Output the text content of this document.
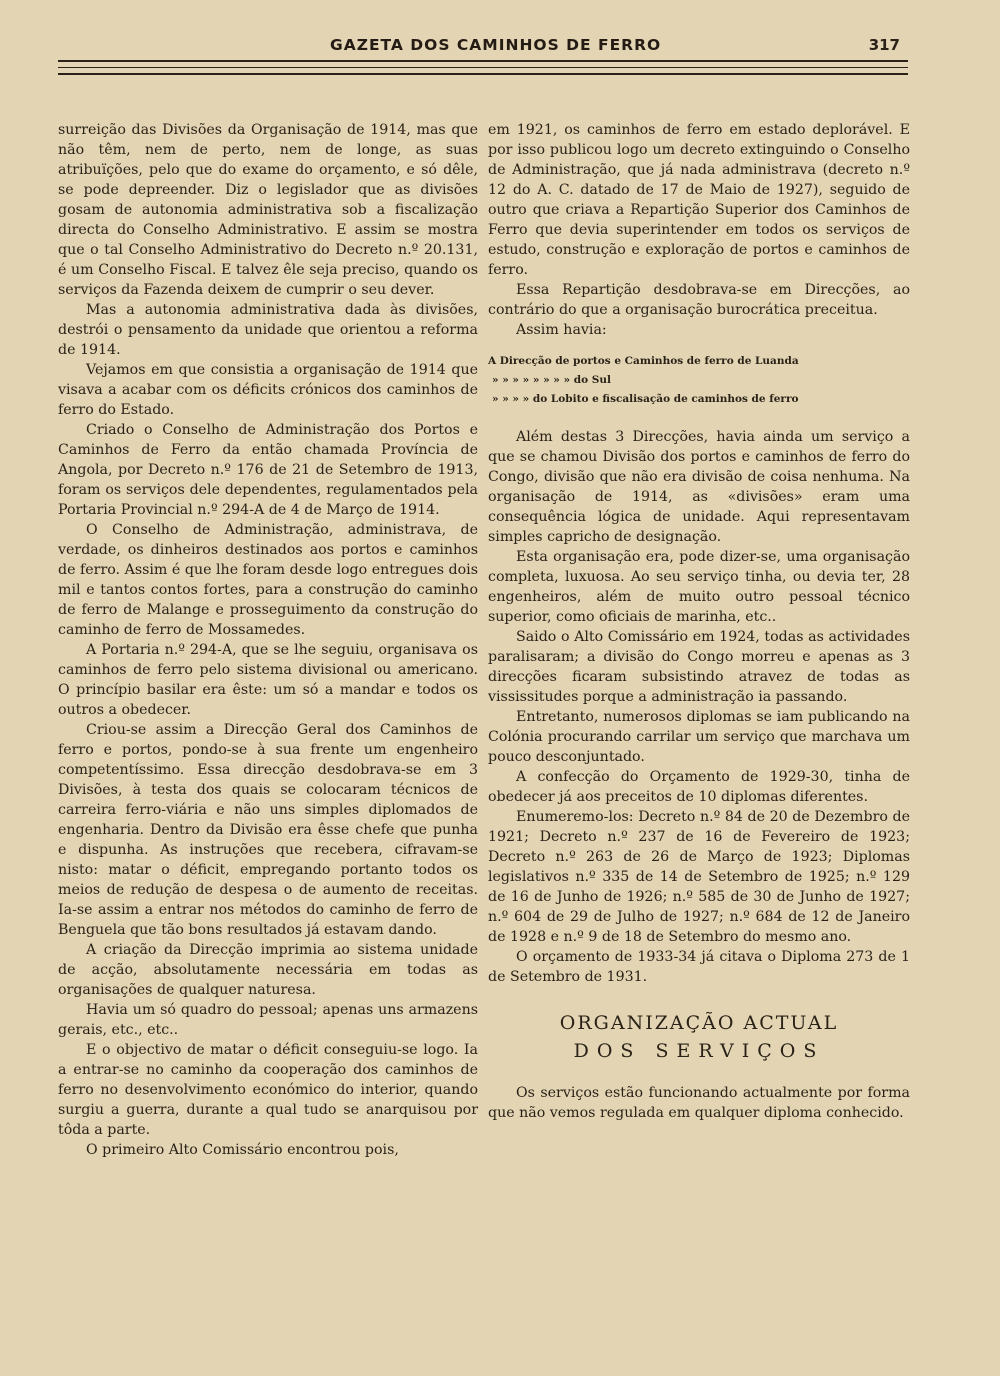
GAZETA DOS CAMINHOS DE FERRO	317

surreição das Divisões da Organisação de 1914, mas que não têm, nem de perto, nem de longe, as suas atribuïções, pelo que do exame do orçamento, e só dêle, se pode depreender. Diz o legislador que as divisões gosam de autonomia administrativa sob a fiscalização directa do Conselho Administrativo. E assim se mostra que o tal Conselho Administrativo do Decreto n.º 20.131, é um Conselho Fiscal. E talvez êle seja preciso, quando os serviços da Fazenda deixem de cumprir o seu dever.

Mas a autonomia administrativa dada às divisões, destrói o pensamento da unidade que orientou a reforma de 1914.

Vejamos em que consistia a organisação de 1914 que visava a acabar com os déficits crónicos dos caminhos de ferro do Estado.

Criado o Conselho de Administração dos Portos e Caminhos de Ferro da então chamada Província de Angola, por Decreto n.º 176 de 21 de Setembro de 1913, foram os serviços dele dependentes, regulamentados pela Portaria Provincial n.º 294-A de 4 de Março de 1914.

O Conselho de Administração, administrava, de verdade, os dinheiros destinados aos portos e caminhos de ferro. Assim é que lhe foram desde logo entregues dois mil e tantos contos fortes, para a construção do caminho de ferro de Malange e prosseguimento da construção do caminho de ferro de Mossamedes.

A Portaria n.º 294-A, que se lhe seguiu, organisava os caminhos de ferro pelo sistema divisional ou americano. O princípio basilar era êste: um só a mandar e todos os outros a obedecer.

Criou-se assim a Direcção Geral dos Caminhos de ferro e portos, pondo-se à sua frente um engenheiro competentíssimo. Essa direcção desdobrava-se em 3 Divisões, à testa dos quais se colocaram técnicos de carreira ferro-viária e não uns simples diplomados de engenharia. Dentro da Divisão era êsse chefe que punha e dispunha. As instruções que recebera, cifravam-se nisto: matar o déficit, empregando portanto todos os meios de redução de despesa o de aumento de receitas. Ia-se assim a entrar nos métodos do caminho de ferro de Benguela que tão bons resultados já estavam dando.

A criação da Direcção imprimia ao sistema unidade de acção, absolutamente necessária em todas as organisações de qualquer naturesa.

Havia um só quadro do pessoal; apenas uns armazens gerais, etc., etc..

E o objectivo de matar o déficit conseguiu-se logo. Ia a entrar-se no caminho da cooperação dos caminhos de ferro no desenvolvimento económico do interior, quando surgiu a guerra, durante a qual tudo se anarquisou por tôda a parte.

O primeiro Alto Comissário encontrou pois,

em 1921, os caminhos de ferro em estado deplorável. E por isso publicou logo um decreto extinguindo o Conselho de Administração, que já nada administrava (decreto n.º 12 do A. C. datado de 17 de Maio de 1927), seguido de outro que criava a Repartição Superior dos Caminhos de Ferro que devia superintender em todos os serviços de estudo, construção e exploração de portos e caminhos de ferro.

Essa Repartição desdobrava-se em Direcções, ao contrário do que a organisação burocrática preceitua.

Assim havia:

A Direcção de portos e Caminhos de ferro de Luanda
» » » » » » » » do Sul
» » » » do Lobito e fiscalisação de caminhos de ferro

Além destas 3 Direcções, havia ainda um serviço a que se chamou Divisão dos portos e caminhos de ferro do Congo, divisão que não era divisão de coisa nenhuma. Na organisação de 1914, as «divisões» eram uma consequência lógica de unidade. Aqui representavam simples capricho de designação.

Esta organisação era, pode dizer-se, uma organisação completa, luxuosa. Ao seu serviço tinha, ou devia ter, 28 engenheiros, além de muito outro pessoal técnico superior, como oficiais de marinha, etc..

Saido o Alto Comissário em 1924, todas as actividades paralisaram; a divisão do Congo morreu e apenas as 3 direcções ficaram subsistindo atravez de todas as vississitudes porque a administração ia passando.

Entretanto, numerosos diplomas se iam publicando na Colónia procurando carrilar um serviço que marchava um pouco desconjuntado.

A confecção do Orçamento de 1929-30, tinha de obedecer já aos preceitos de 10 diplomas diferentes.

Enumeremo-los: Decreto n.º 84 de 20 de Dezembro de 1921; Decreto n.º 237 de 16 de Fevereiro de 1923; Decreto n.º 263 de 26 de Março de 1923; Diplomas legislativos n.º 335 de 14 de Setembro de 1925; n.º 129 de 16 de Junho de 1926; n.º 585 de 30 de Junho de 1927; n.º 604 de 29 de Julho de 1927; n.º 684 de 12 de Janeiro de 1928 e n.º 9 de 18 de Setembro do mesmo ano.

O orçamento de 1933-34 já citava o Diploma 273 de 1 de Setembro de 1931.

ORGANIZAÇÃO ACTUAL
DOS SERVIÇOS

Os serviços estão funcionando actualmente por forma que não vemos regulada em qualquer diploma conhecido.
